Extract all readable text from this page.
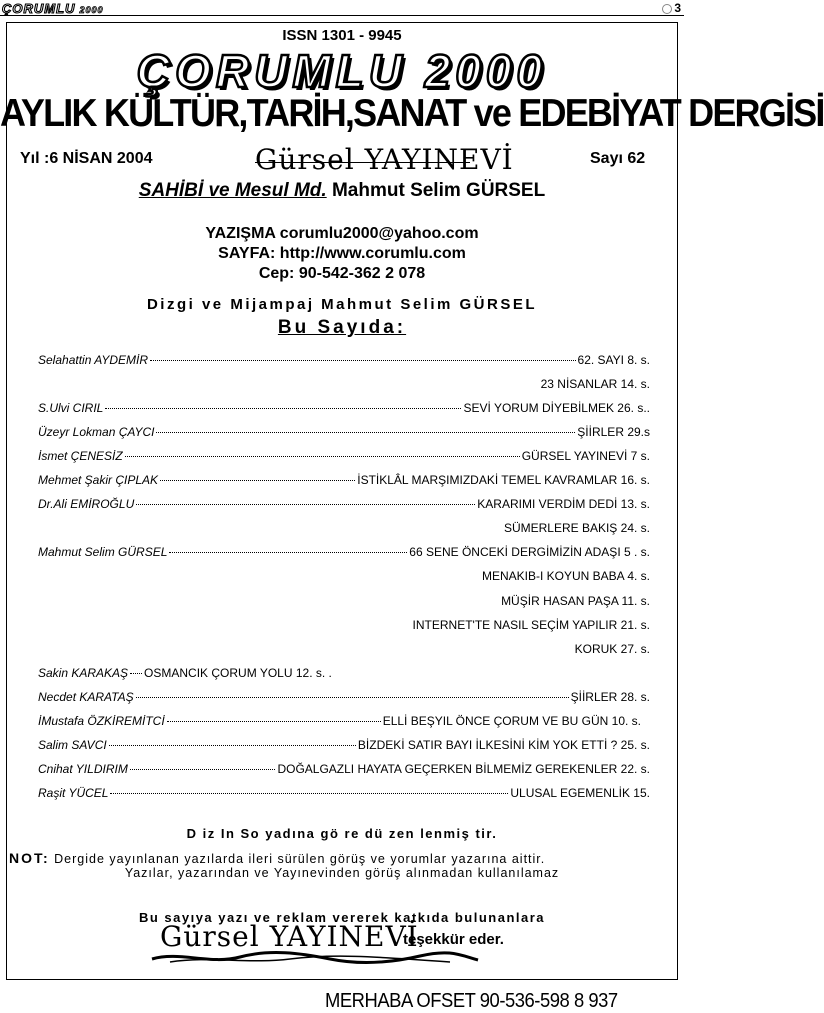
ÇORUMLU 2000	3
ISSN 1301 - 9945
ÇORUMLU 2000
AYLIK KÜLTÜR,TARİH,SANAT ve EDEBİYAT DERGİSİ
Yıl :6 NİSAN 2004	Gürsel YAYINEVİ	Sayı 62
SAHİBİ ve Mesul Md. Mahmut Selim GÜRSEL
YAZIŞMA corumlu2000@yahoo.com
SAYFA: http://www.corumlu.com
Cep: 90-542-362 2 078
Dizgi ve Mijampaj Mahmut Selim GÜRSEL
Bu Sayıda:
Selahattin AYDEMİR	62. SAYI 8. s.
23 NİSANLAR 14. s.
S.Ulvi CIRIL	SEVİ YORUM DİYEBİLMEK 26. s..
Üzeyr Lokman ÇAYCI	ŞİİRLER 29.s
İsmet ÇENESİZ	GÜRSEL YAYINEVİ 7 s.
Mehmet Şakir ÇIPLAK	İSTİKLÂL MARŞIMIZDAKİ TEMEL KAVRAMLAR 16. s.
Dr.Ali EMİROĞLU	KARARIMI VERDİM DEDİ 13. s.
SÜMERLERE BAKIŞ 24. s.
Mahmut Selim GÜRSEL	66 SENE ÖNCEKİ DERGİMİZİN ADAŞI 5 . s.
MENAKIB-I KOYUN BABA 4. s.
MÜŞİR HASAN PAŞA 11. s.
INTERNET'TE NASIL SEÇİM YAPILIR 21. s.
KORUK 27. s.
Sakin KARAKAŞ OSMANCIK ÇORUM YOLU 12. s. .
Necdet KARATAŞ	ŞİİRLER 28. s.
İMustafa ÖZKİREMİTCİ	ELLİ BEŞYIL ÖNCE ÇORUM VE BU GÜN 10. s.
Salim SAVCI	BİZDEKİ SATIR BAYI İLKESİNİ KİM YOK ETTİ ? 25. s.
Cnihat YILDIRIM	DOĞALGAZLI HAYATA GEÇERKEN BİLMEMİZ GEREKENLER 22. s.
Raşit YÜCEL	ULUSAL EGEMENLİK 15.
D iz In So yadına gö re dü zen lenmiş tir.
NOT: Dergide yayınlanan yazılarda ileri sürülen görüş ve yorumlar yazarına aittir.
Yazılar, yazarından ve Yayınevinden görüş alınmadan kullanılamaz
Bu sayıya yazı ve reklam vererek katkıda bulunanlara
Gürsel YAYINEVİ
teşekkür eder.
MERHABA OFSET 90-536-598 8 937
